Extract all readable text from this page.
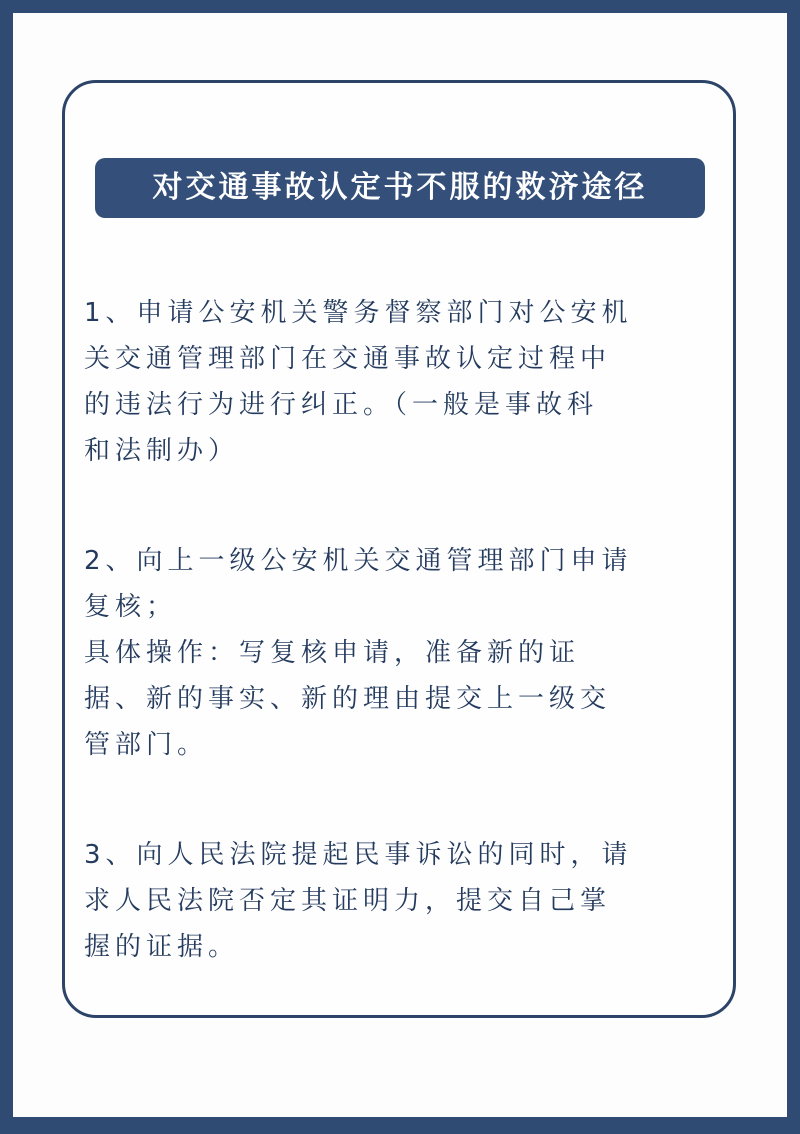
对交通事故认定书不服的救济途径
1、申请公安机关警务督察部门对公安机
关交通管理部门在交通事故认定过程中
的违法行为进行纠正。（一般是事故科
和法制办）
2、向上一级公安机关交通管理部门申请
复核；
具体操作：写复核申请，准备新的证
据、新的事实、新的理由提交上一级交
管部门。
3、向人民法院提起民事诉讼的同时，请
求人民法院否定其证明力，提交自己掌
握的证据。
